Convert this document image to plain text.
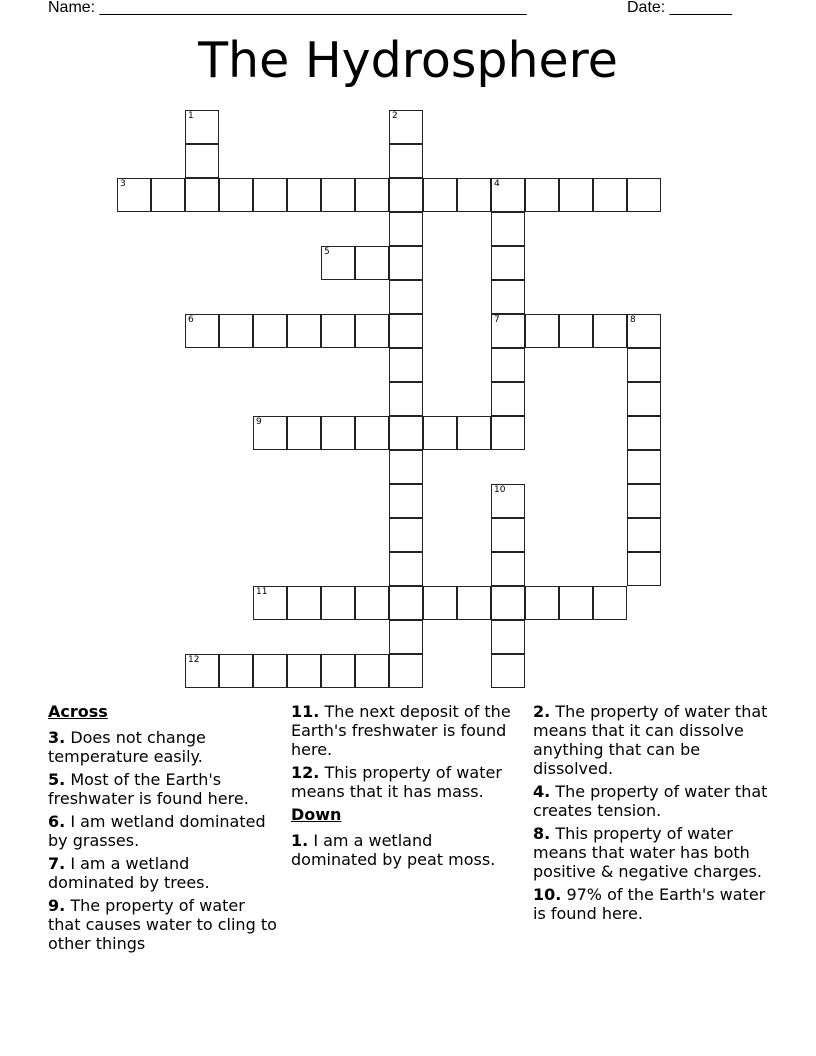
Name: ________________________________________________	Date: _______
The Hydrosphere
1	2
3	4
7
5
6	8
9
10
11
12
Across
3. Does not change temperature easily.
5. Most of the Earth's freshwater is found here.
6. I am wetland dominated by grasses.
7. I am a wetland dominated by trees.
9. The property of water that causes water to cling to other things
11. The next deposit of the Earth's freshwater is found here.
12. This property of water means that it has mass.
Down
1. I am a wetland dominated by peat moss.
2. The property of water that means that it can dissolve anything that can be dissolved.
4. The property of water that creates tension.
8. This property of water means that water has both positive & negative charges.
10. 97% of the Earth's water is found here.
